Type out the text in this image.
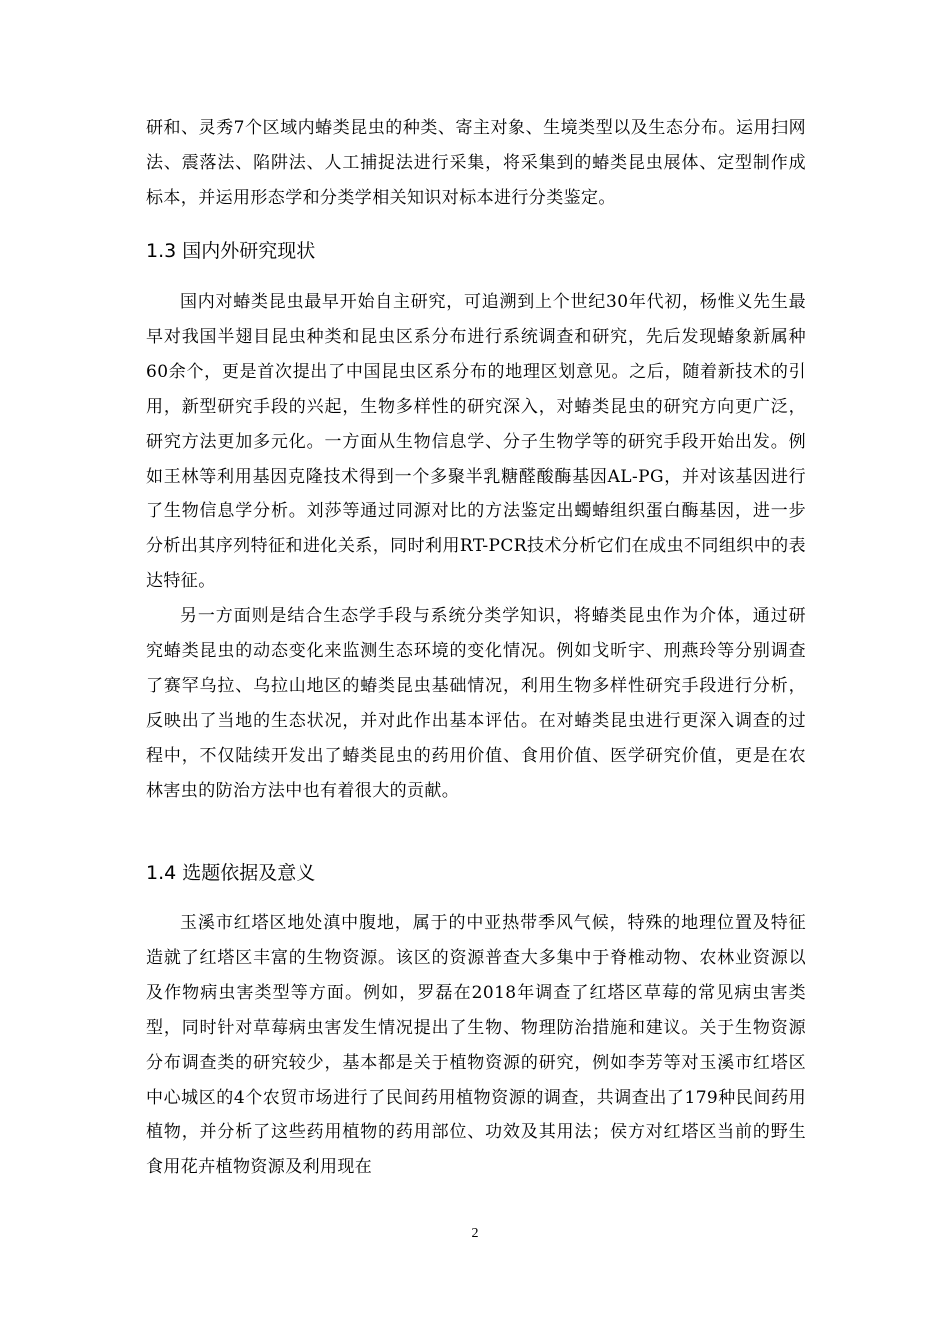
研和、灵秀7个区域内蝽类昆虫的种类、寄主对象、生境类型以及生态分布。运用扫网法、震落法、陷阱法、人工捕捉法进行采集，将采集到的蝽类昆虫展体、定型制作成标本，并运用形态学和分类学相关知识对标本进行分类鉴定。

1.3 国内外研究现状

国内对蝽类昆虫最早开始自主研究，可追溯到上个世纪30年代初，杨惟义先生最早对我国半翅目昆虫种类和昆虫区系分布进行系统调查和研究，先后发现蝽象新属种60余个，更是首次提出了中国昆虫区系分布的地理区划意见。之后，随着新技术的引用，新型研究手段的兴起，生物多样性的研究深入，对蝽类昆虫的研究方向更广泛，研究方法更加多元化。一方面从生物信息学、分子生物学等的研究手段开始出发。例如王林等利用基因克隆技术得到一个多聚半乳糖醛酸酶基因AL-PG，并对该基因进行了生物信息学分析。刘莎等通过同源对比的方法鉴定出蠋蝽组织蛋白酶基因，进一步分析出其序列特征和进化关系，同时利用RT-PCR技术分析它们在成虫不同组织中的表达特征。

另一方面则是结合生态学手段与系统分类学知识，将蝽类昆虫作为介体，通过研究蝽类昆虫的动态变化来监测生态环境的变化情况。例如戈昕宇、刑燕玲等分别调查了赛罕乌拉、乌拉山地区的蝽类昆虫基础情况，利用生物多样性研究手段进行分析，反映出了当地的生态状况，并对此作出基本评估。在对蝽类昆虫进行更深入调查的过程中，不仅陆续开发出了蝽类昆虫的药用价值、食用价值、医学研究价值，更是在农林害虫的防治方法中也有着很大的贡献。

1.4 选题依据及意义

玉溪市红塔区地处滇中腹地，属于的中亚热带季风气候，特殊的地理位置及特征造就了红塔区丰富的生物资源。该区的资源普查大多集中于脊椎动物、农林业资源以及作物病虫害类型等方面。例如，罗磊在2018年调查了红塔区草莓的常见病虫害类型，同时针对草莓病虫害发生情况提出了生物、物理防治措施和建议。关于生物资源分布调查类的研究较少，基本都是关于植物资源的研究，例如李芳等对玉溪市红塔区中心城区的4个农贸市场进行了民间药用植物资源的调查，共调查出了179种民间药用植物，并分析了这些药用植物的药用部位、功效及其用法；侯方对红塔区当前的野生食用花卉植物资源及利用现在

2
